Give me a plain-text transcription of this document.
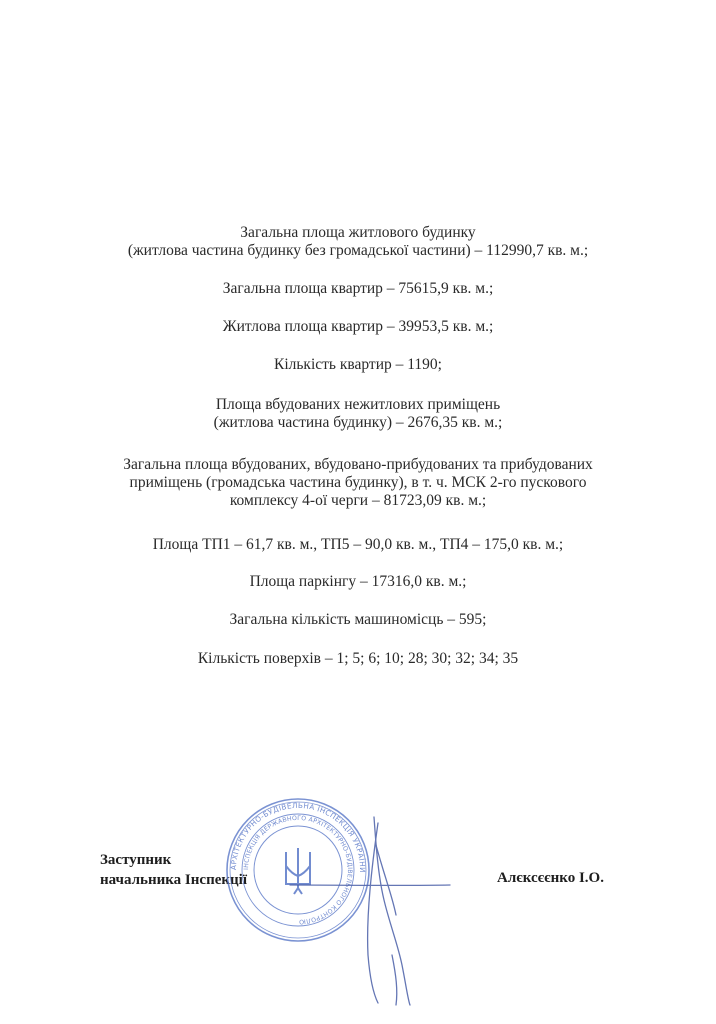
Загальна площа житлового будинку
(житлова частина будинку без громадської частини) – 112990,7 кв. м.;
Загальна площа квартир – 75615,9 кв. м.;
Житлова площа квартир – 39953,5 кв. м.;
Кількість квартир – 1190;
Площа вбудованих нежитлових приміщень
(житлова частина будинку) – 2676,35 кв. м.;
Загальна площа вбудованих, вбудовано-прибудованих та прибудованих
приміщень (громадська частина будинку), в т. ч. МСК 2-го пускового
комплексу 4-ої черги – 81723,09 кв. м.;
Площа ТП1 – 61,7 кв. м., ТП5 – 90,0 кв. м., ТП4 – 175,0 кв. м.;
Площа паркінгу – 17316,0 кв. м.;
Загальна кількість машиномісць – 595;
Кількість поверхів – 1; 5; 6; 10; 28; 30; 32; 34; 35
Заступник
начальника Інспекції
АРХІТЕКТУРНО-БУДІВЕЛЬНА ІНСПЕКЦІЯ УКРАЇНИ
ІНСПЕКЦІЯ ДЕРЖАВНОГО АРХІТЕКТУРНО-БУДІВЕЛЬНОГО КОНТРОЛЮ
Алєксєєнко І.О.
